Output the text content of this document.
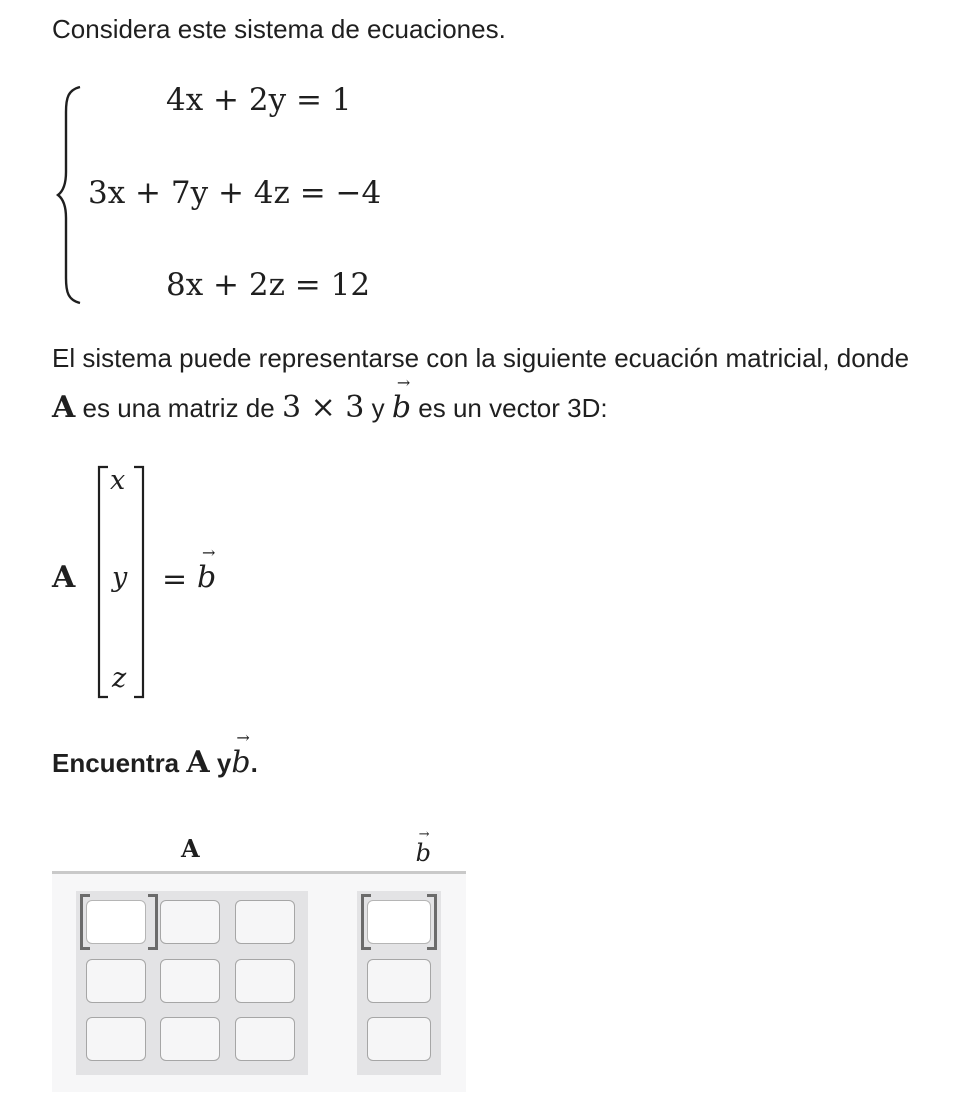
Considera este sistema de ecuaciones.
4x + 2y = 1
3x + 7y + 4z = −4
8x + 2z = 12
El sistema puede representarse con la siguiente ecuación matricial, donde
A es una matriz de 3 × 3 y
→
b es un vector 3D:
A
x
y
z
=
→
b
Encuentra A y
→
b.
A	→
b
